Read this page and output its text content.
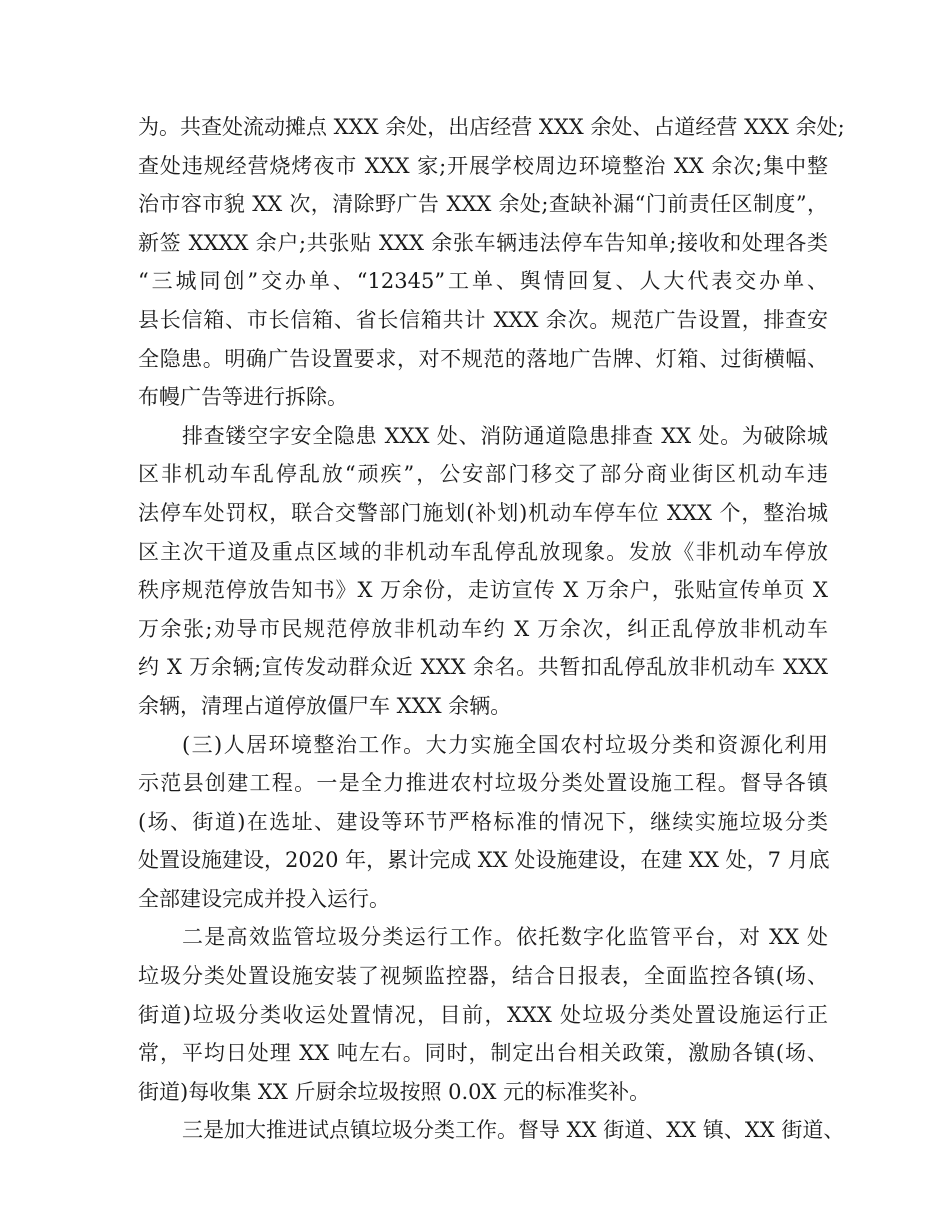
为。共查处流动摊点 XXX 余处，出店经营 XXX 余处、占道经营 XXX 余处;
查处违规经营烧烤夜市 XXX 家;开展学校周边环境整治 XX 余次;集中整
治市容市貌 XX 次，清除野广告 XXX 余处;查缺补漏“门前责任区制度”，
新签 XXXX 余户;共张贴 XXX 余张车辆违法停车告知单;接收和处理各类
“三城同创”交办单、“12345”工单、舆情回复、人大代表交办单、
县长信箱、市长信箱、省长信箱共计 XXX 余次。规范广告设置，排查安
全隐患。明确广告设置要求，对不规范的落地广告牌、灯箱、过街横幅、
布幔广告等进行拆除。
排查镂空字安全隐患 XXX 处、消防通道隐患排查 XX 处。为破除城
区非机动车乱停乱放“顽疾”，公安部门移交了部分商业街区机动车违
法停车处罚权，联合交警部门施划(补划)机动车停车位 XXX 个，整治城
区主次干道及重点区域的非机动车乱停乱放现象。发放《非机动车停放
秩序规范停放告知书》X 万余份，走访宣传 X 万余户，张贴宣传单页 X
万余张;劝导市民规范停放非机动车约 X 万余次，纠正乱停放非机动车
约 X 万余辆;宣传发动群众近 XXX 余名。共暂扣乱停乱放非机动车 XXX
余辆，清理占道停放僵尸车 XXX 余辆。
(三)人居环境整治工作。大力实施全国农村垃圾分类和资源化利用
示范县创建工程。一是全力推进农村垃圾分类处置设施工程。督导各镇
(场、街道)在选址、建设等环节严格标准的情况下，继续实施垃圾分类
处置设施建设，2020 年，累计完成 XX 处设施建设，在建 XX 处，7 月底
全部建设完成并投入运行。
二是高效监管垃圾分类运行工作。依托数字化监管平台，对 XX 处
垃圾分类处置设施安装了视频监控器，结合日报表，全面监控各镇(场、
街道)垃圾分类收运处置情况，目前，XXX 处垃圾分类处置设施运行正
常，平均日处理 XX 吨左右。同时，制定出台相关政策，激励各镇(场、
街道)每收集 XX 斤厨余垃圾按照 0.0X 元的标准奖补。
三是加大推进试点镇垃圾分类工作。督导 XX 街道、XX 镇、XX 街道、
